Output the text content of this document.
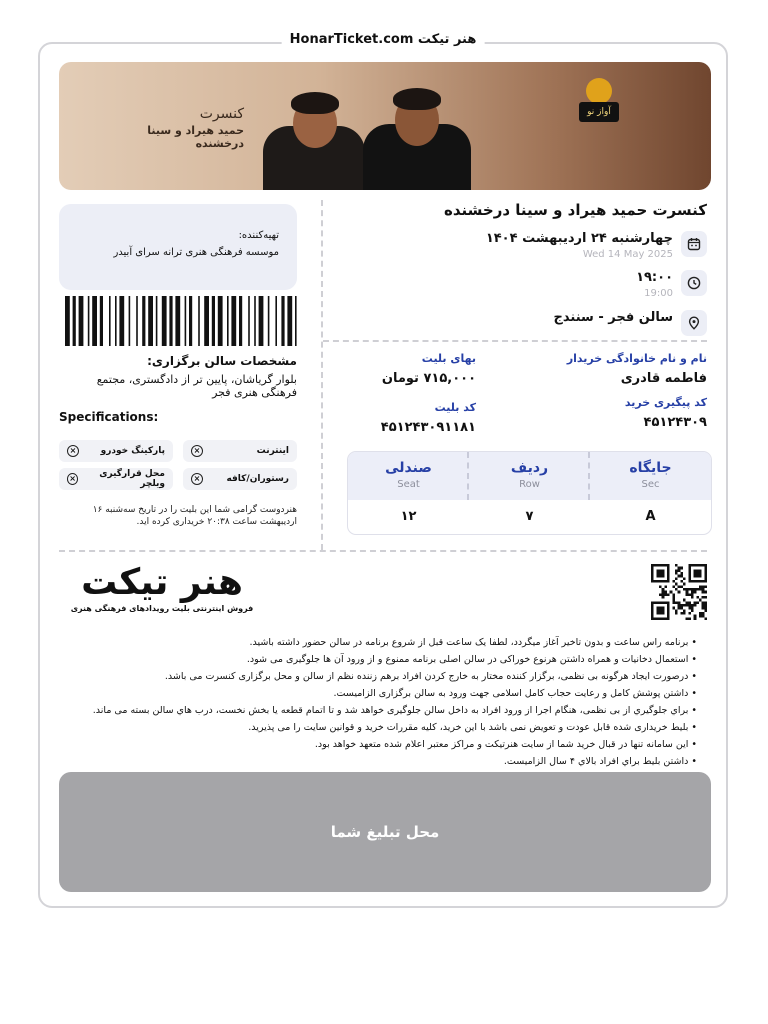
هنر تیکت HonarTicket.com
کنسرت
حمید هیراد و سینا درخشنده
آواز نو
کنسرت حمید هیراد و سینا درخشنده
چهارشنبه ۲۴ اردیبهشت ۱۴۰۴
Wed 14 May 2025
۱۹:۰۰
19:00
سالن فجر - سنندج
نام و نام خانوادگی خریدار
فاطمه قادری
بهای بلیت
۷۱۵,۰۰۰ تومان
کد پیگیری خرید
۴۵۱۲۴۳۰۹
کد بلیت
۴۵۱۲۴۳۰۹۱۱۸۱
جایگاه
Sec
ردیف
Row
صندلی
Seat
A
۷
۱۲
تهیه‌کننده:
موسسه فرهنگی هنری ترانه سرای آبیدر
مشخصات سالن برگزاری:
بلوار گریاشان، پایین تر از دادگستری، مجتمع فرهنگی هنری فجر
Specifications:
اینترنت
×
پارکینگ خودرو
×
رستوران/کافه
×
محل قرارگیری ویلچر
×
هنردوست گرامی شما این بلیت را در تاریخ سه‌شنبه ۱۶ اردیبهشت ساعت ۲۰:۳۸ خریداری کرده اید.
هنر تیکت
فروش اینترنتی بلیت رویدادهای فرهنگی هنری
• برنامه راس ساعت و بدون تاخیر آغاز میگردد، لطفا یک ساعت قبل از شروع برنامه در سالن حضور داشته باشید.
• استعمال دخانیات و همراه داشتن هرنوع خوراکی در سالن اصلی برنامه ممنوع و از ورود آن ها جلوگیری می شود.
• درصورت ایجاد هرگونه بی نظمی، برگزار کننده مختار به خارج کردن افراد برهم زننده نظم از سالن و محل برگزاری کنسرت می باشد.
• داشتن پوشش کامل و رعایت حجاب کامل اسلامی جهت ورود به سالن برگزاری الزامیست.
• براي جلوگيري از بی نظمی، هنگام اجرا از ورود افراد به داخل سالن جلوگیری خواهد شد و تا اتمام قطعه یا بخش نخست، درب هاي سالن بسته می ماند.
• بلیط خریداری شده قابل عودت و تعویض نمی باشد با این خرید، کلیه مقررات خرید و قوانین سایت را می پذیرید.
• این سامانه تنها در قبال خرید شما از سایت هنرتیکت و مراکز معتبر اعلام شده متعهد خواهد بود.
• داشتن بلیط براي افراد بالاي ۴ سال الزامیست.
محل تبلیغ شما
